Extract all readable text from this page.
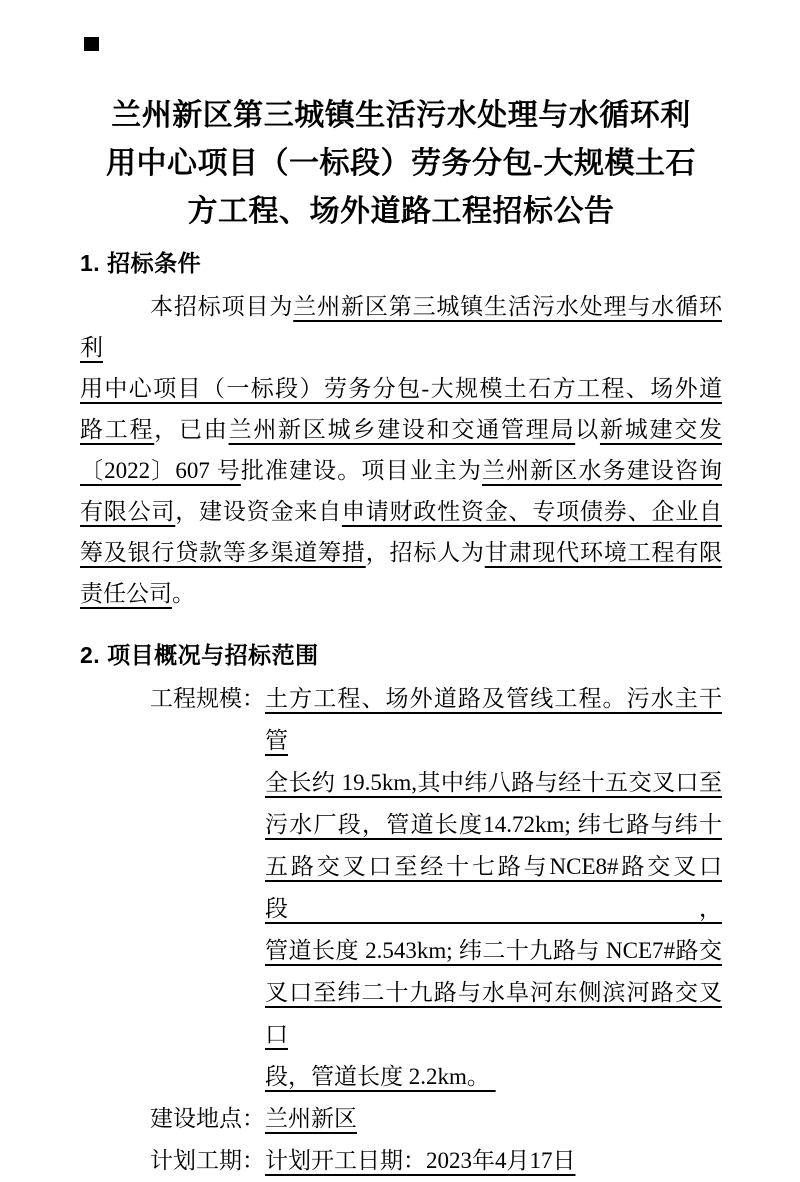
兰州新区第三城镇生活污水处理与水循环利
用中心项目（一标段）劳务分包-大规模土石
方工程、场外道路工程招标公告
1. 招标条件
本招标项目为兰州新区第三城镇生活污水处理与水循环利
用中心项目（一标段）劳务分包-大规模土石方工程、场外道
路工程，已由兰州新区城乡建设和交通管理局以新城建交发
〔2022〕607 号批准建设。项目业主为兰州新区水务建设咨询
有限公司，建设资金来自申请财政性资金、专项债券、企业自
筹及银行贷款等多渠道筹措，招标人为甘肃现代环境工程有限
责任公司。
2. 项目概况与招标范围
工程规模： 土方工程、场外道路及管线工程。污水主干管
全长约 19.5km,其中纬八路与经十五交叉口至
污水厂段，管道长度14.72km; 纬七路与纬十
五路交叉口至经十七路与NCE8#路交叉口段，
管道长度 2.543km; 纬二十九路与 NCE7#路交
叉口至纬二十九路与水阜河东侧滨河路交叉口
段，管道长度 2.2km。
建设地点： 兰州新区
计划工期： 计划开工日期：2023年4月17日
